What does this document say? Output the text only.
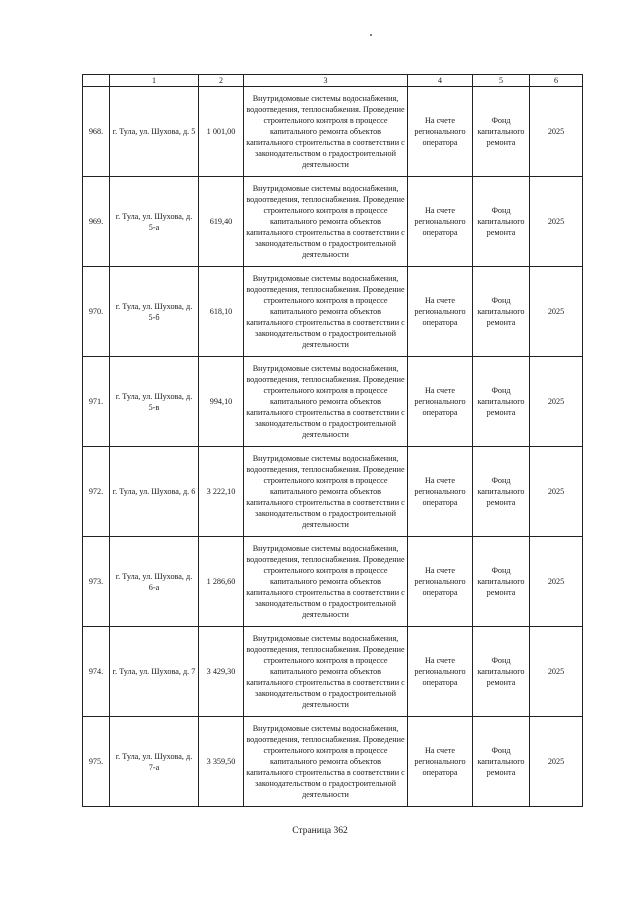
	1	2	3	4	5	6
968.	г. Тула, ул. Шухова, д. 5	1 001,00	Внутридомовые системы водоснабжения, водоотведения, теплоснабжения. Проведение строительного контроля в процессе капитального ремонта объектов капитального строительства в соответствии с законодательством о градостроительной деятельности	На счете регионального оператора	Фонд капитального ремонта	2025
969.	г. Тула, ул. Шухова, д. 5-а	619,40	Внутридомовые системы водоснабжения, водоотведения, теплоснабжения. Проведение строительного контроля в процессе капитального ремонта объектов капитального строительства в соответствии с законодательством о градостроительной деятельности	На счете регионального оператора	Фонд капитального ремонта	2025
970.	г. Тула, ул. Шухова, д. 5-б	618,10	Внутридомовые системы водоснабжения, водоотведения, теплоснабжения. Проведение строительного контроля в процессе капитального ремонта объектов капитального строительства в соответствии с законодательством о градостроительной деятельности	На счете регионального оператора	Фонд капитального ремонта	2025
971.	г. Тула, ул. Шухова, д. 5-в	994,10	Внутридомовые системы водоснабжения, водоотведения, теплоснабжения. Проведение строительного контроля в процессе капитального ремонта объектов капитального строительства в соответствии с законодательством о градостроительной деятельности	На счете регионального оператора	Фонд капитального ремонта	2025
972.	г. Тула, ул. Шухова, д. 6	3 222,10	Внутридомовые системы водоснабжения, водоотведения, теплоснабжения. Проведение строительного контроля в процессе капитального ремонта объектов капитального строительства в соответствии с законодательством о градостроительной деятельности	На счете регионального оператора	Фонд капитального ремонта	2025
973.	г. Тула, ул. Шухова, д. 6-а	1 286,60	Внутридомовые системы водоснабжения, водоотведения, теплоснабжения. Проведение строительного контроля в процессе капитального ремонта объектов капитального строительства в соответствии с законодательством о градостроительной деятельности	На счете регионального оператора	Фонд капитального ремонта	2025
974.	г. Тула, ул. Шухова, д. 7	3 429,30	Внутридомовые системы водоснабжения, водоотведения, теплоснабжения. Проведение строительного контроля в процессе капитального ремонта объектов капитального строительства в соответствии с законодательством о градостроительной деятельности	На счете регионального оператора	Фонд капитального ремонта	2025
975.	г. Тула, ул. Шухова, д. 7-а	3 359,50	Внутридомовые системы водоснабжения, водоотведения, теплоснабжения. Проведение строительного контроля в процессе капитального ремонта объектов капитального строительства в соответствии с законодательством о градостроительной деятельности	На счете регионального оператора	Фонд капитального ремонта	2025
Страница 362
